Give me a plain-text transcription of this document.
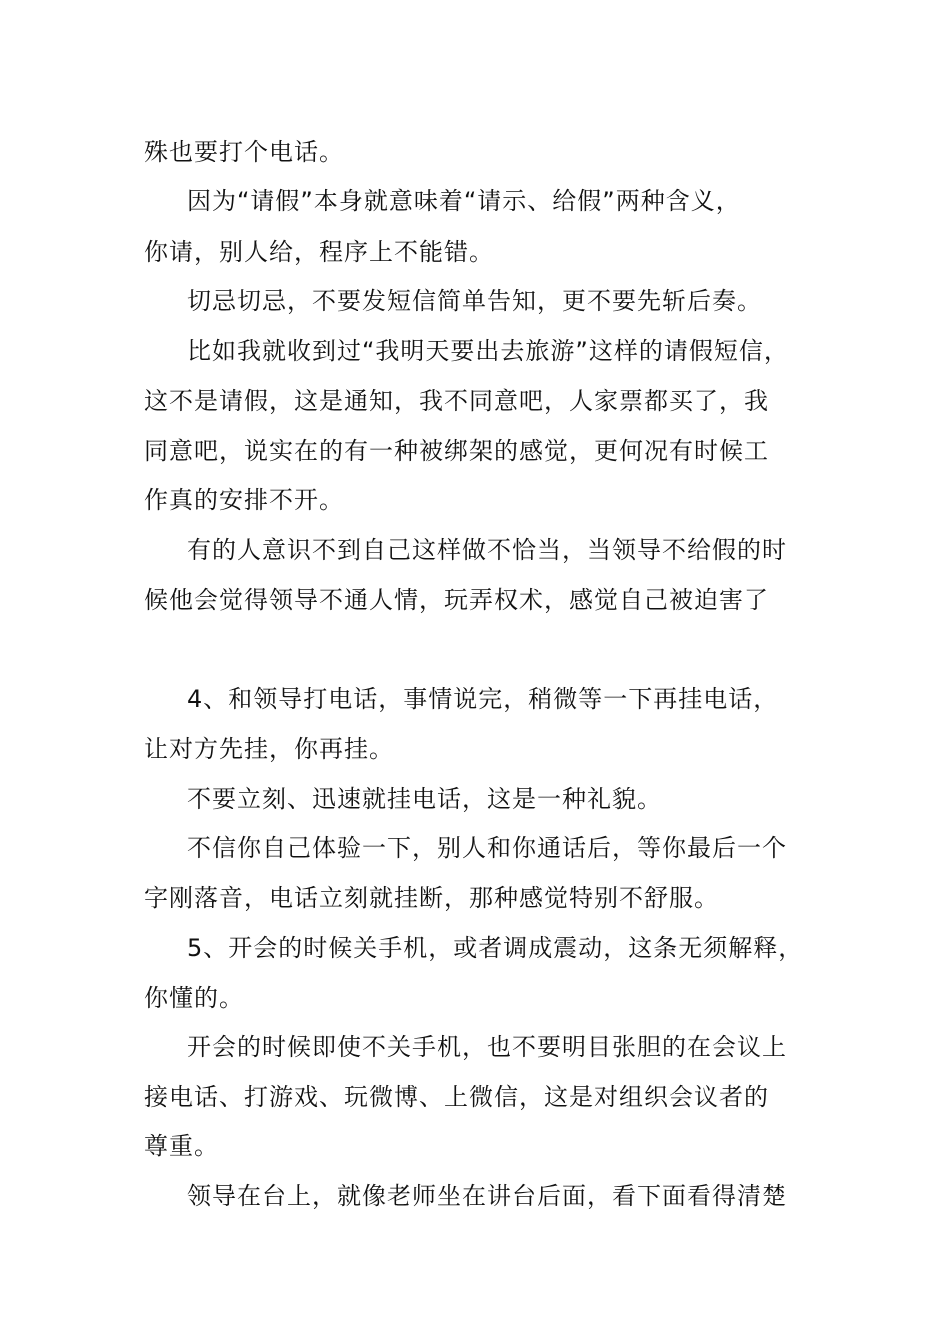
殊也要打个电话。
因为“请假”本身就意味着“请示、给假”两种含义，
你请，别人给，程序上不能错。
切忌切忌，不要发短信简单告知，更不要先斩后奏。
比如我就收到过“我明天要出去旅游”这样的请假短信，
这不是请假，这是通知，我不同意吧，人家票都买了，我
同意吧，说实在的有一种被绑架的感觉，更何况有时候工
作真的安排不开。
有的人意识不到自己这样做不恰当，当领导不给假的时
候他会觉得领导不通人情，玩弄权术，感觉自己被迫害了
4、和领导打电话，事情说完，稍微等一下再挂电话，
让对方先挂，你再挂。
不要立刻、迅速就挂电话，这是一种礼貌。
不信你自己体验一下，别人和你通话后，等你最后一个
字刚落音，电话立刻就挂断，那种感觉特别不舒服。
5、开会的时候关手机，或者调成震动，这条无须解释，
你懂的。
开会的时候即使不关手机，也不要明目张胆的在会议上
接电话、打游戏、玩微博、上微信，这是对组织会议者的
尊重。
领导在台上，就像老师坐在讲台后面，看下面看得清楚
